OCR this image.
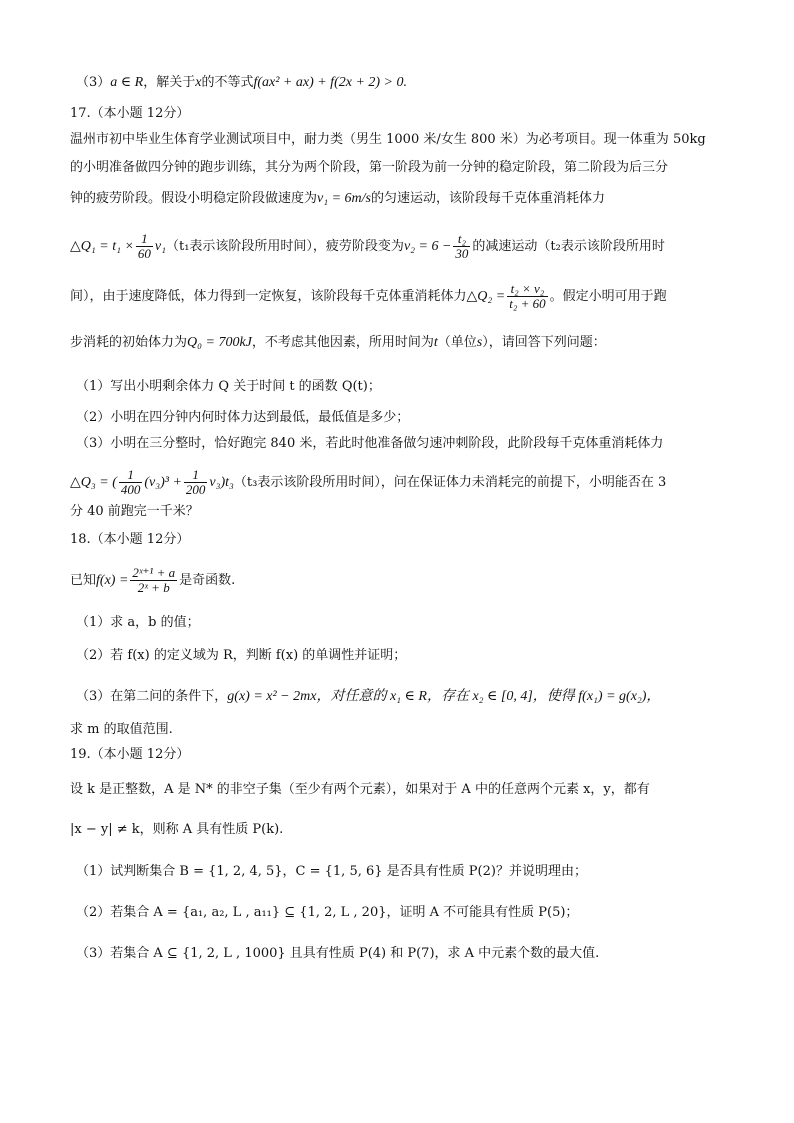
（3）a ∈ R，解关于x的不等式f(ax² + ax) + f(2x + 2) > 0.
17.（本小题 12分）
温州市初中毕业生体育学业测试项目中，耐力类（男生 1000 米/女生 800 米）为必考项目。现一体重为 50kg
的小明准备做四分钟的跑步训练，其分为两个阶段，第一阶段为前一分钟的稳定阶段，第二阶段为后三分
钟的疲劳阶段。假设小明稳定阶段做速度为v₁ = 6m/s的匀速运动，该阶段每千克体重消耗体力
△Q₁ = $t_1 \times \frac{1}{60} v_1(t_1$表示该阶段所用时间），疲劳阶段变为$v_2 = 6 - \frac{\text{t₂}}{30}$ 的减速运动（t₂表示该阶段所用时
间），由于速度降低，体力得到一定恢复，该阶段每千克体重消耗体力△Q₂ = $\frac{\text{t₂ × v₂}}{\text{t₂ + 60}}$ 。假定小明可用于跑
步消耗的初始体力为Q₀ = 700kJ，不考虑其他因素，所用时间为t（单位s），请回答下列问题：
（1）写出小明剩余体力 Q 关于时间 t 的函数 Q(t)；
（2）小明在四分钟内何时体力达到最低，最低值是多少；
（3）小明在三分整时，恰好跑完 840 米，若此时他准备做匀速冲刺阶段，此阶段每千克体重消耗体力
△Q₃ = ( $\frac{1}{400} (v_3)^3 + \frac{1}{200} v_3)t_3(t_3$表示该阶段所用时间），问在保证体力未消耗完的前提下，小明能否在 3
分 40 前跑完一千米？
18.（本小题 12分）
已知$f(x) = \frac{\text{2ˣ⁺¹ + a}}{\text{2ˣ + b}}$ 是奇函数.
（1）求 a，b 的值；
（2）若 f(x) 的定义域为 R，判断 f(x) 的单调性并证明；
（3）在第二问的条件下，g(x) = x² − 2mx，对任意的 x₁ ∈ R，存在 x₂ ∈ [0, 4]，使得 f(x₁) = g(x₂)，
求 m 的取值范围.
19.（本小题 12分）
设 k 是正整数，A 是 N* 的非空子集（至少有两个元素），如果对于 A 中的任意两个元素 x，y，都有
|x − y| ≠ k，则称 A 具有性质 P(k).
（1）试判断集合 B = {1, 2, 4, 5}，C = {1, 5, 6} 是否具有性质 P(2)？并说明理由；
（2）若集合 A = {a₁, a₂, L , a₁₁} ⊆ {1, 2, L , 20}，证明 A 不可能具有性质 P(5)；
（3）若集合 A ⊆ {1, 2, L , 1000} 且具有性质 P(4) 和 P(7)，求 A 中元素个数的最大值.
